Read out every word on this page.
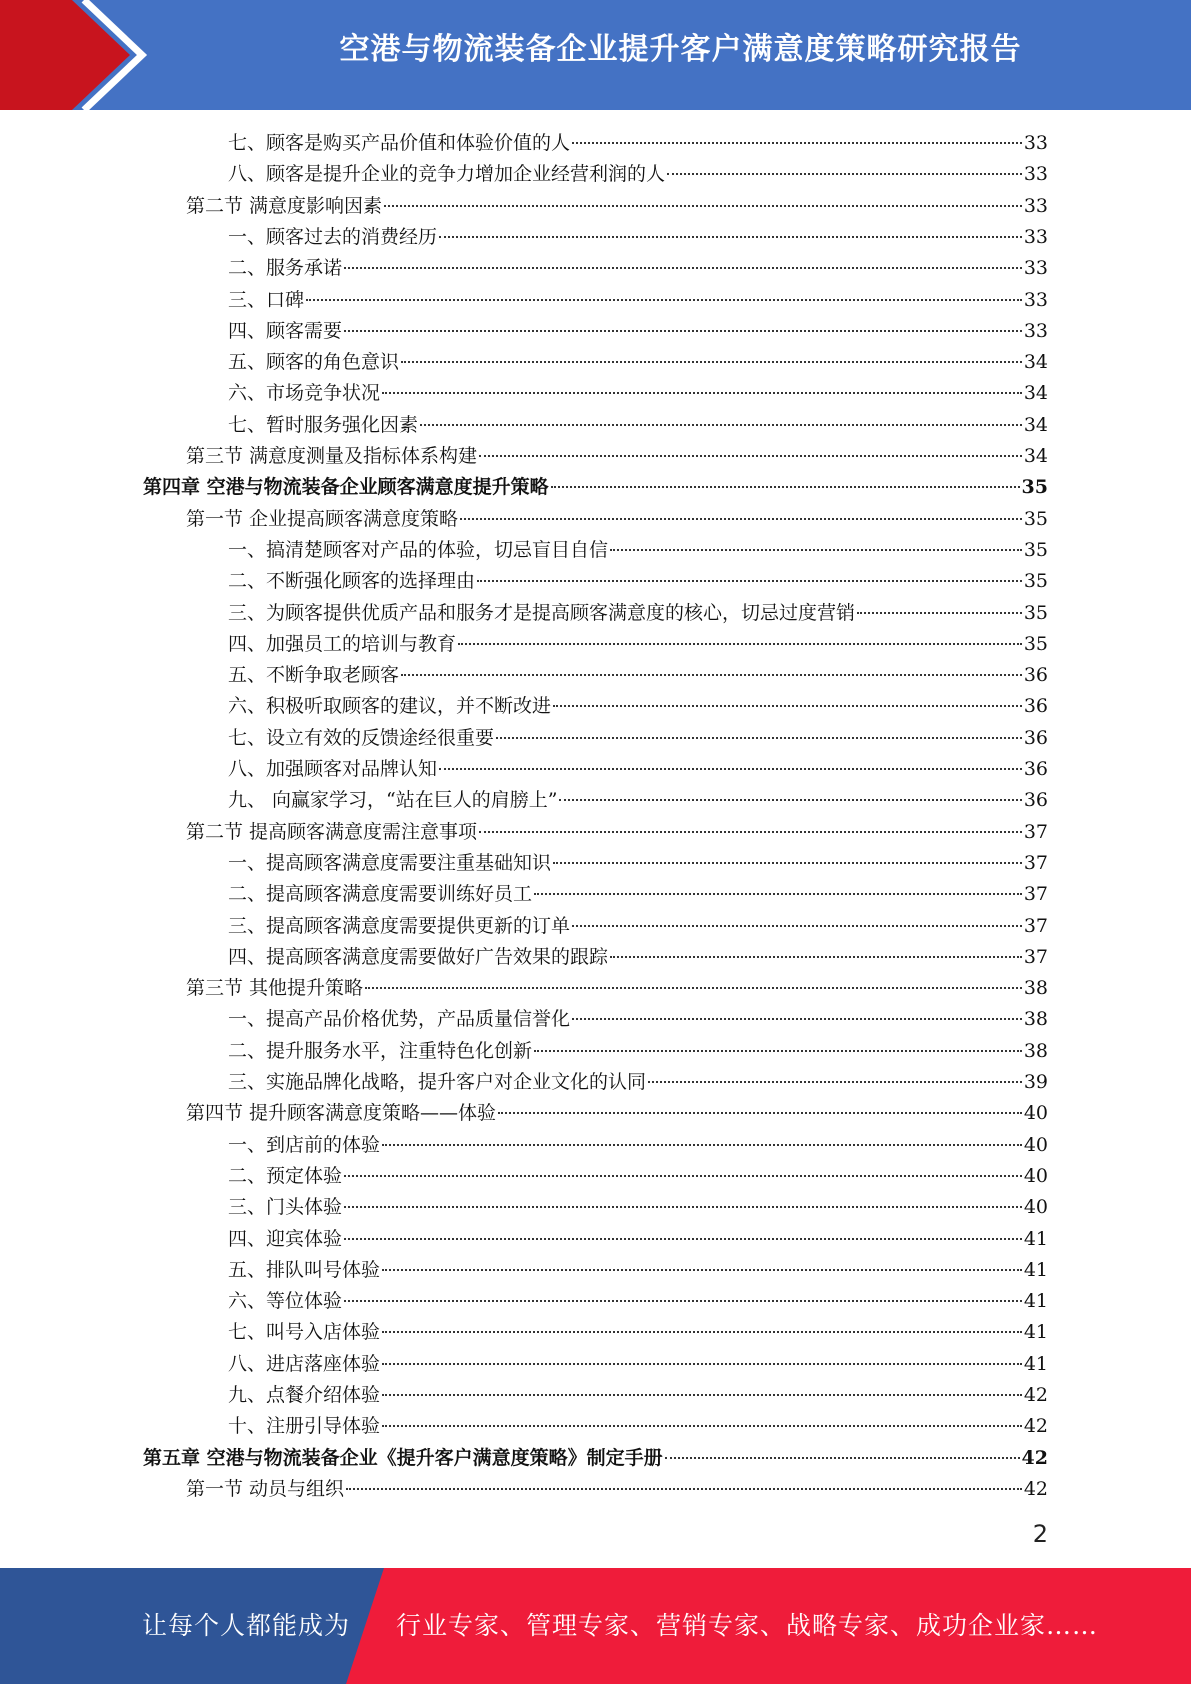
空港与物流装备企业提升客户满意度策略研究报告
七、顾客是购买产品价值和体验价值的人	33
八、顾客是提升企业的竞争力增加企业经营利润的人	33
第二节 满意度影响因素	33
一、顾客过去的消费经历	33
二、服务承诺	33
三、口碑	33
四、顾客需要	33
五、顾客的角色意识	34
六、市场竞争状况	34
七、暂时服务强化因素	34
第三节 满意度测量及指标体系构建	34
第四章 空港与物流装备企业顾客满意度提升策略	35
第一节 企业提高顾客满意度策略	35
一、搞清楚顾客对产品的体验，切忌盲目自信	35
二、不断强化顾客的选择理由	35
三、为顾客提供优质产品和服务才是提高顾客满意度的核心，切忌过度营销	35
四、加强员工的培训与教育	35
五、不断争取老顾客	36
六、积极听取顾客的建议，并不断改进	36
七、设立有效的反馈途经很重要	36
八、加强顾客对品牌认知	36
九、 向赢家学习，“站在巨人的肩膀上”	36
第二节 提高顾客满意度需注意事项	37
一、提高顾客满意度需要注重基础知识	37
二、提高顾客满意度需要训练好员工	37
三、提高顾客满意度需要提供更新的订单	37
四、提高顾客满意度需要做好广告效果的跟踪	37
第三节 其他提升策略	38
一、提高产品价格优势，产品质量信誉化	38
二、提升服务水平，注重特色化创新	38
三、实施品牌化战略，提升客户对企业文化的认同	39
第四节 提升顾客满意度策略——体验	40
一、到店前的体验	40
二、预定体验	40
三、门头体验	40
四、迎宾体验	41
五、排队叫号体验	41
六、等位体验	41
七、叫号入店体验	41
八、进店落座体验	41
九、点餐介绍体验	42
十、注册引导体验	42
第五章 空港与物流装备企业《提升客户满意度策略》制定手册	42
第一节 动员与组织	42
2
让每个人都能成为 行业专家、管理专家、营销专家、战略专家、成功企业家……
